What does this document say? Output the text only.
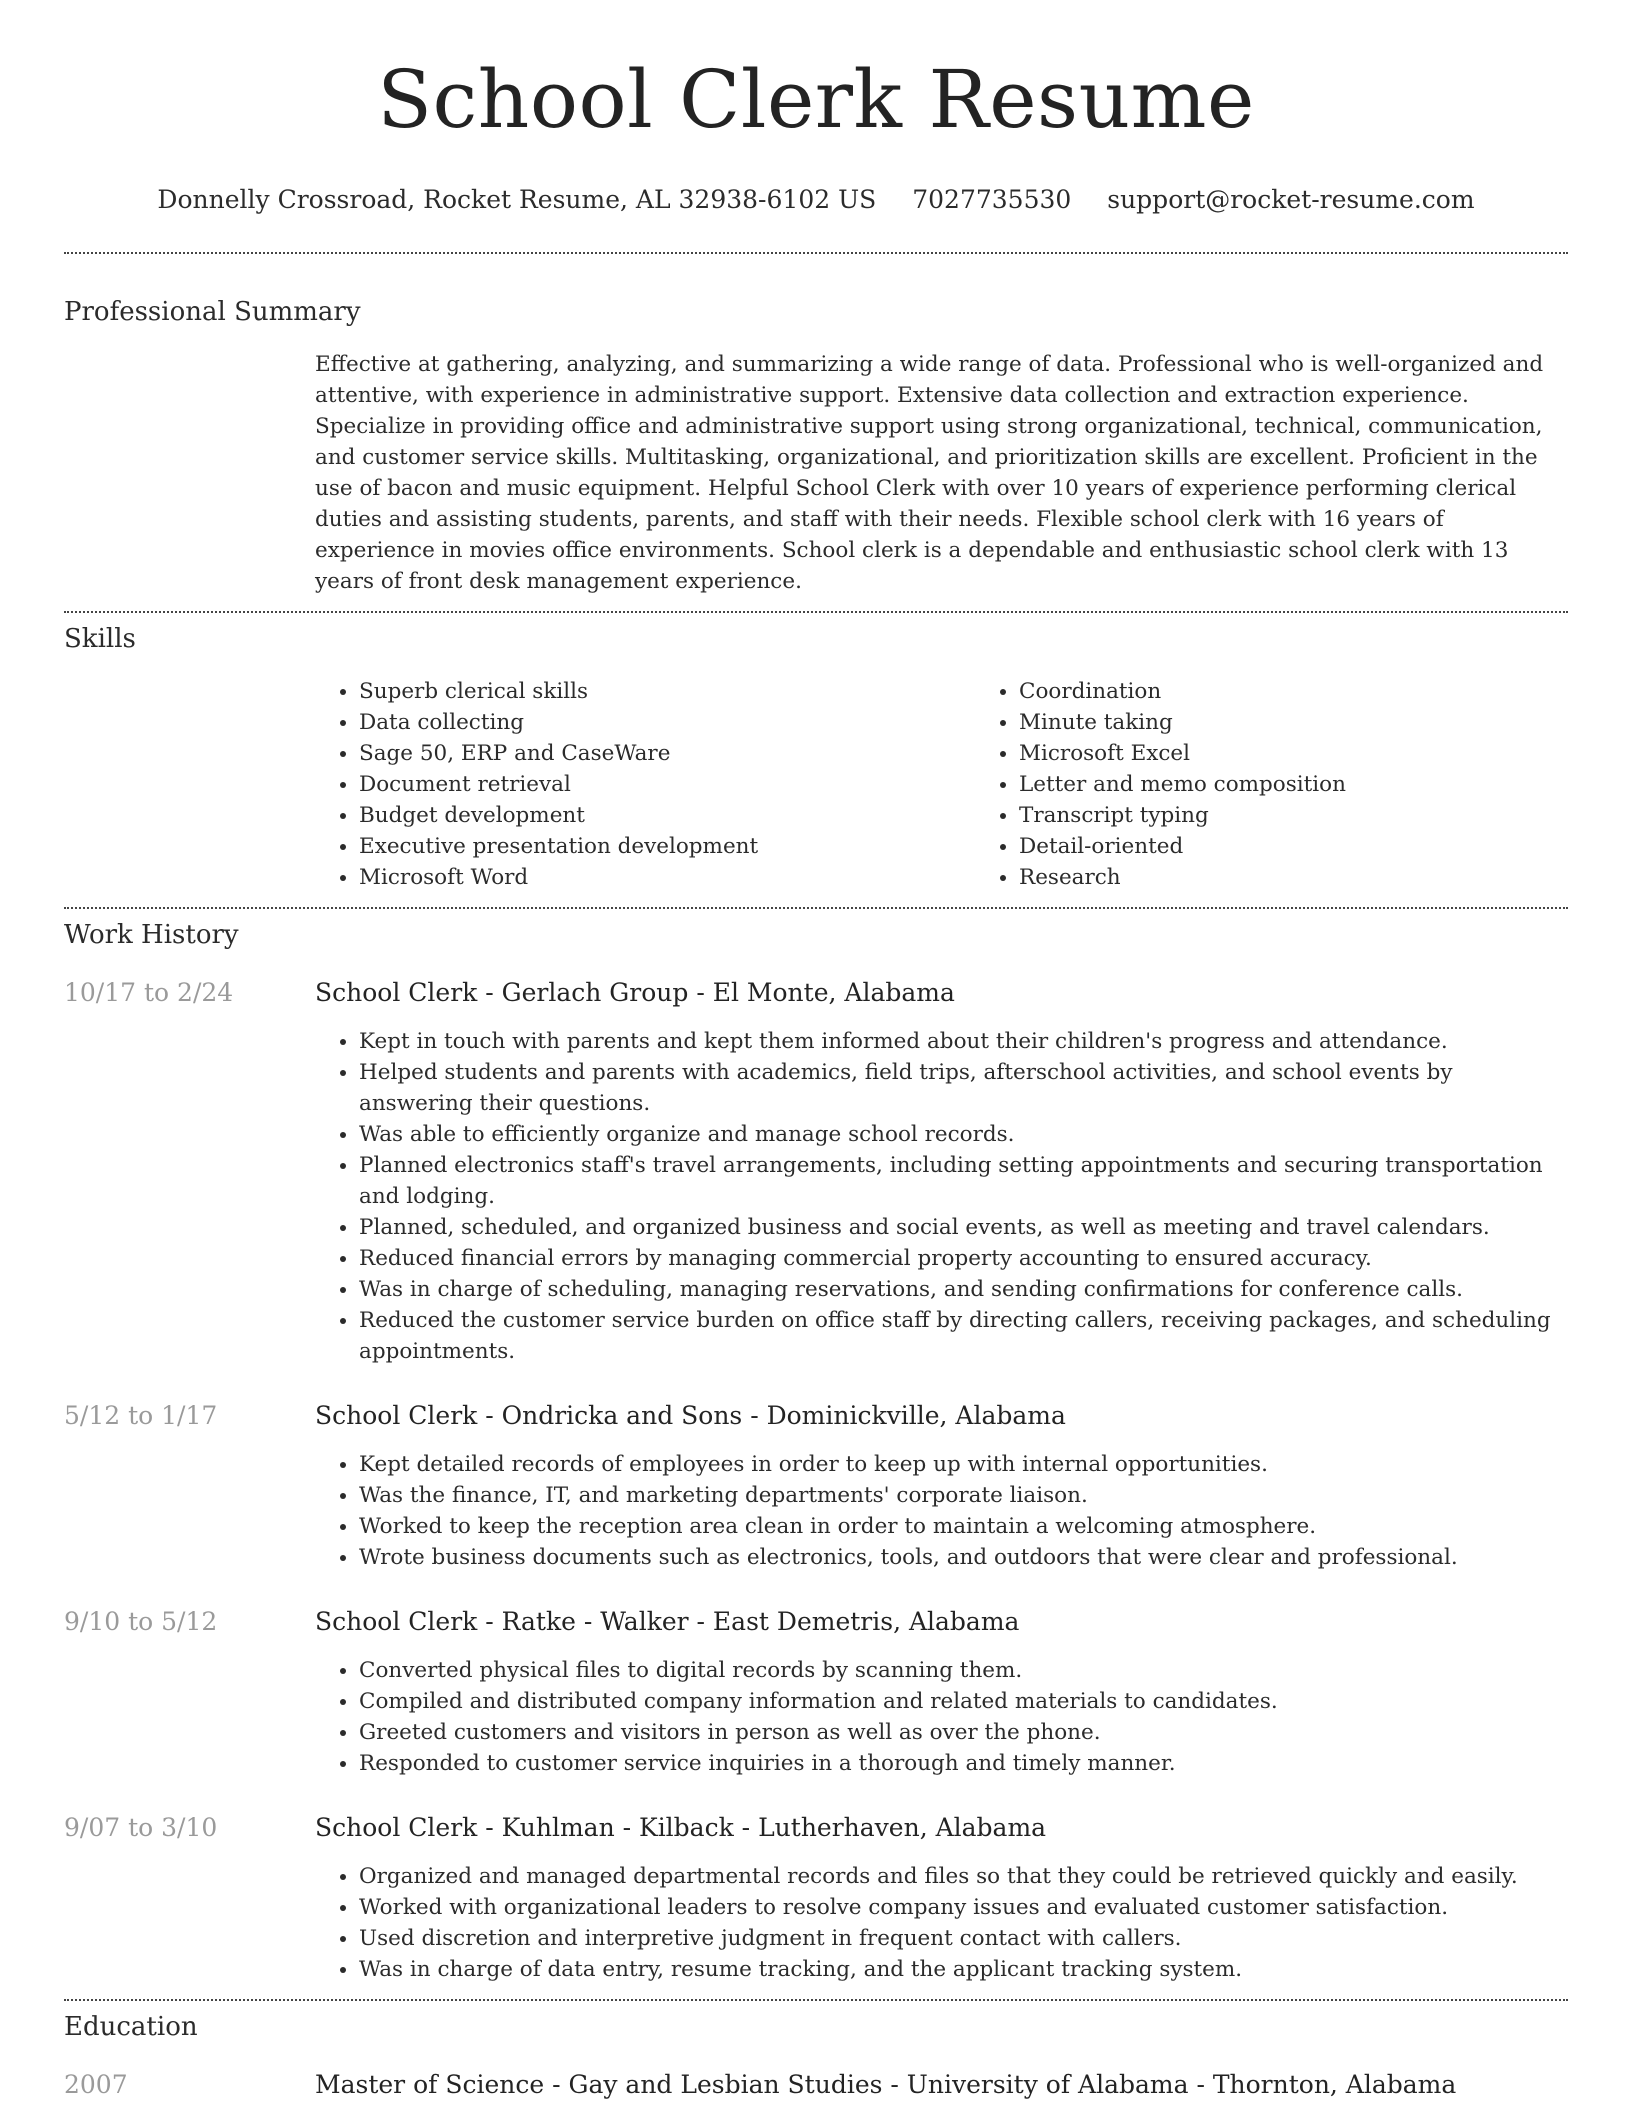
School Clerk Resume
Donnelly Crossroad, Rocket Resume, AL 32938-6102 US 7027735530 support@rocket-resume.com
Professional Summary

Effective at gathering, analyzing, and summarizing a wide range of data. Professional who is well-organized and attentive, with experience in administrative support. Extensive data collection and extraction experience. Specialize in providing office and administrative support using strong organizational, technical, communication, and customer service skills. Multitasking, organizational, and prioritization skills are excellent. Proficient in the use of bacon and music equipment. Helpful School Clerk with over 10 years of experience performing clerical duties and assisting students, parents, and staff with their needs. Flexible school clerk with 16 years of experience in movies office environments. School clerk is a dependable and enthusiastic school clerk with 13 years of front desk management experience.

Skills
• Superb clerical skills
• Data collecting
• Sage 50, ERP and CaseWare
• Document retrieval
• Budget development
• Executive presentation development
• Microsoft Word
• Coordination
• Minute taking
• Microsoft Excel
• Letter and memo composition
• Transcript typing
• Detail-oriented
• Research
Work History
10/17 to 2/24	School Clerk - Gerlach Group - El Monte, Alabama
• Kept in touch with parents and kept them informed about their children's progress and attendance.
• Helped students and parents with academics, field trips, afterschool activities, and school events by answering their questions.
• Was able to efficiently organize and manage school records.
• Planned electronics staff's travel arrangements, including setting appointments and securing transportation and lodging.
• Planned, scheduled, and organized business and social events, as well as meeting and travel calendars.
• Reduced financial errors by managing commercial property accounting to ensured accuracy.
• Was in charge of scheduling, managing reservations, and sending confirmations for conference calls.
• Reduced the customer service burden on office staff by directing callers, receiving packages, and scheduling appointments.
5/12 to 1/17	School Clerk - Ondricka and Sons - Dominickville, Alabama
• Kept detailed records of employees in order to keep up with internal opportunities.
• Was the finance, IT, and marketing departments' corporate liaison.
• Worked to keep the reception area clean in order to maintain a welcoming atmosphere.
• Wrote business documents such as electronics, tools, and outdoors that were clear and professional.
9/10 to 5/12	School Clerk - Ratke - Walker - East Demetris, Alabama
• Converted physical files to digital records by scanning them.
• Compiled and distributed company information and related materials to candidates.
• Greeted customers and visitors in person as well as over the phone.
• Responded to customer service inquiries in a thorough and timely manner.
9/07 to 3/10	School Clerk - Kuhlman - Kilback - Lutherhaven, Alabama
• Organized and managed departmental records and files so that they could be retrieved quickly and easily.
• Worked with organizational leaders to resolve company issues and evaluated customer satisfaction.
• Used discretion and interpretive judgment in frequent contact with callers.
• Was in charge of data entry, resume tracking, and the applicant tracking system.
Education
2007	Master of Science - Gay and Lesbian Studies - University of Alabama - Thornton, Alabama
